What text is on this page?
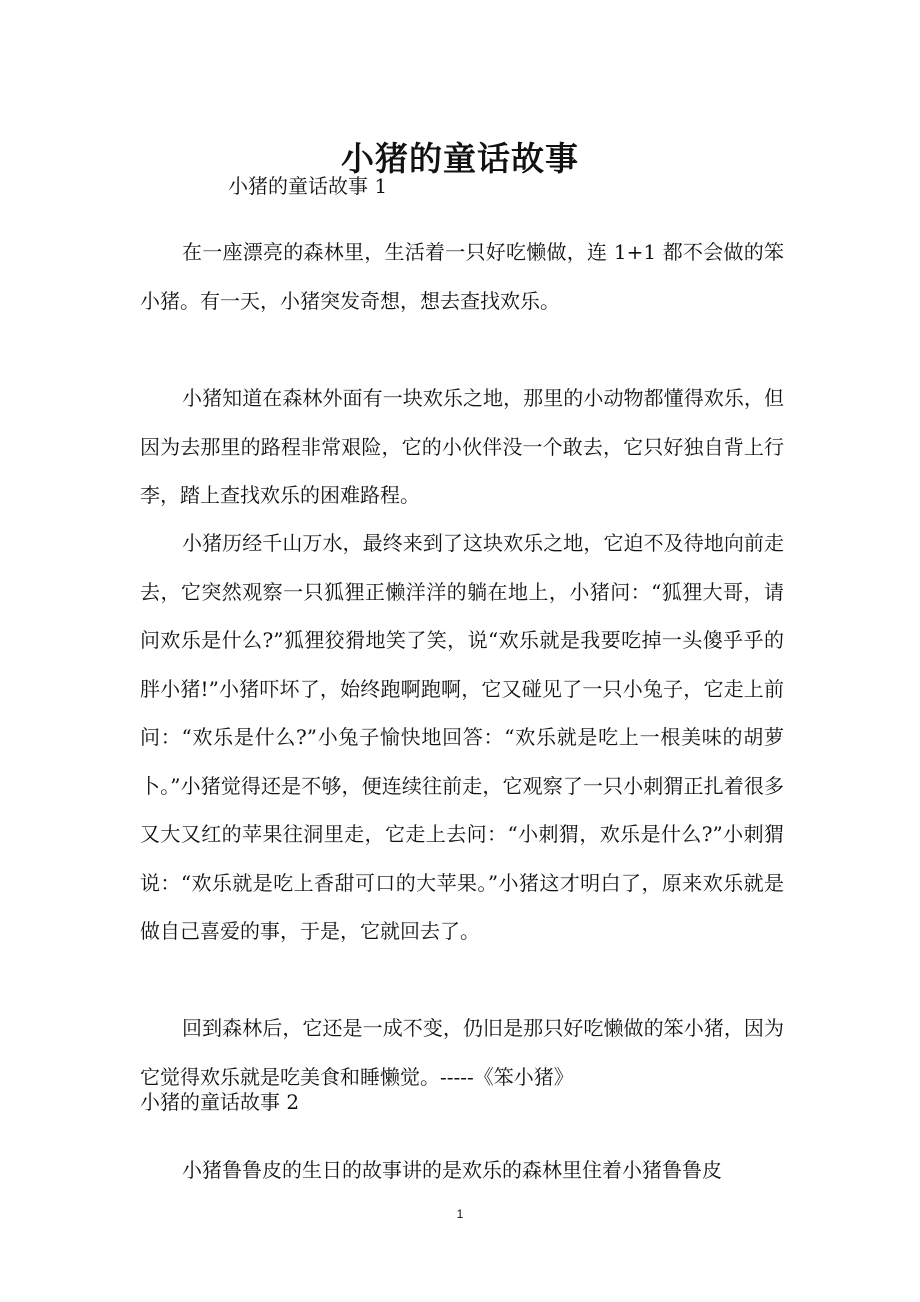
小猪的童话故事
小猪的童话故事 1

在一座漂亮的森林里，生活着一只好吃懒做，连 1+1 都不会做的笨小猪。有一天，小猪突发奇想，想去查找欢乐。

小猪知道在森林外面有一块欢乐之地，那里的小动物都懂得欢乐，但因为去那里的路程非常艰险，它的小伙伴没一个敢去，它只好独自背上行李，踏上查找欢乐的困难路程。

小猪历经千山万水，最终来到了这块欢乐之地，它迫不及待地向前走去，它突然观察一只狐狸正懒洋洋的躺在地上，小猪问：“狐狸大哥，请问欢乐是什么?”狐狸狡猾地笑了笑，说“欢乐就是我要吃掉一头傻乎乎的胖小猪!”小猪吓坏了，始终跑啊跑啊，它又碰见了一只小兔子，它走上前问：“欢乐是什么?”小兔子愉快地回答：“欢乐就是吃上一根美味的胡萝卜。”小猪觉得还是不够，便连续往前走，它观察了一只小刺猬正扎着很多又大又红的苹果往洞里走，它走上去问：“小刺猬，欢乐是什么?”小刺猬说：“欢乐就是吃上香甜可口的大苹果。”小猪这才明白了，原来欢乐就是做自己喜爱的事，于是，它就回去了。

回到森林后，它还是一成不变，仍旧是那只好吃懒做的笨小猪，因为它觉得欢乐就是吃美食和睡懒觉。-----《笨小猪》

小猪的童话故事 2

小猪鲁鲁皮的生日的故事讲的是欢乐的森林里住着小猪鲁鲁皮

1
